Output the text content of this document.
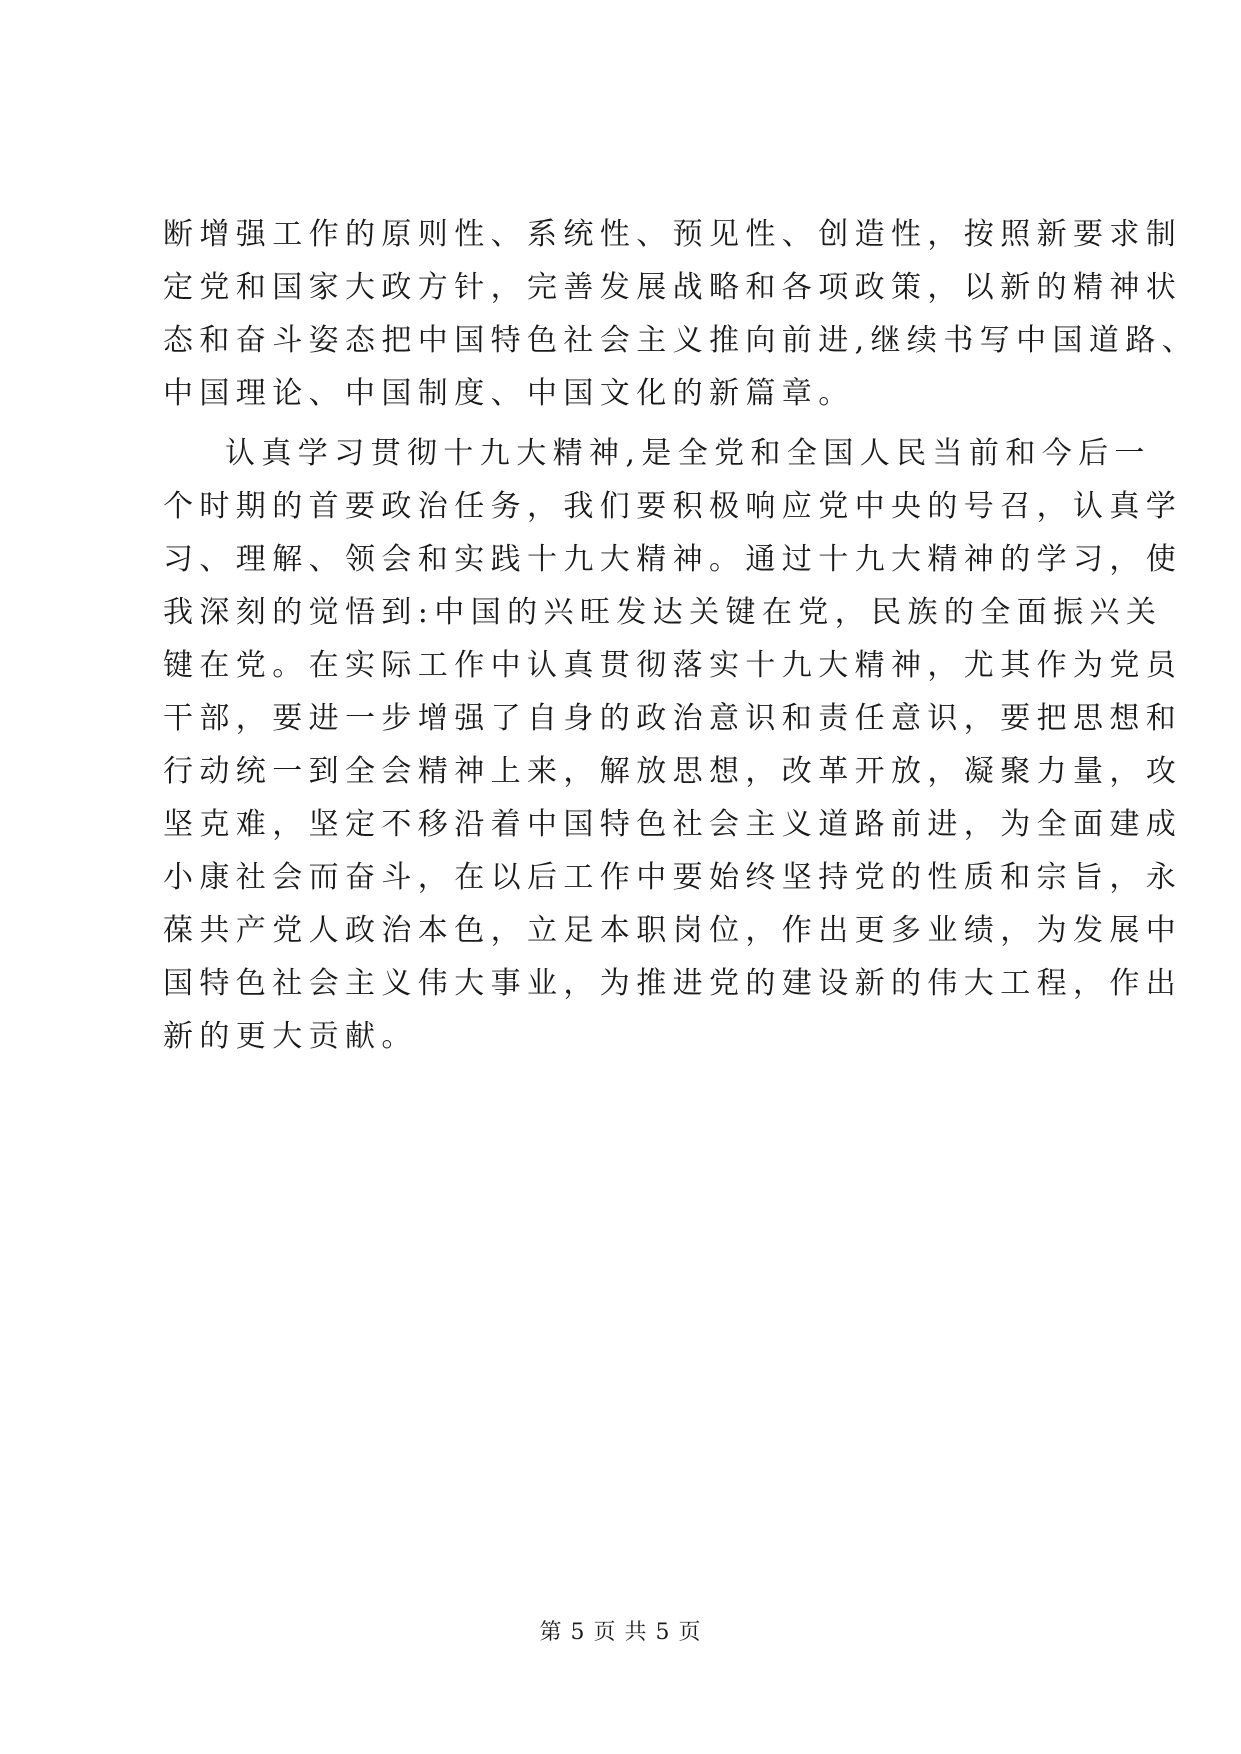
断增强工作的原则性、系统性、预见性、创造性，按照新要求制
定党和国家大政方针，完善发展战略和各项政策，以新的精神状
态和奋斗姿态把中国特色社会主义推向前进,继续书写中国道路、
中国理论、中国制度、中国文化的新篇章。
认真学习贯彻十九大精神,是全党和全国人民当前和今后一
个时期的首要政治任务，我们要积极响应党中央的号召，认真学
习、理解、领会和实践十九大精神。通过十九大精神的学习，使
我深刻的觉悟到:中国的兴旺发达关键在党，民族的全面振兴关
键在党。在实际工作中认真贯彻落实十九大精神，尤其作为党员
干部，要进一步增强了自身的政治意识和责任意识，要把思想和
行动统一到全会精神上来，解放思想，改革开放，凝聚力量，攻
坚克难，坚定不移沿着中国特色社会主义道路前进，为全面建成
小康社会而奋斗，在以后工作中要始终坚持党的性质和宗旨，永
葆共产党人政治本色，立足本职岗位，作出更多业绩，为发展中
国特色社会主义伟大事业，为推进党的建设新的伟大工程，作出
新的更大贡献。
第 5 页 共 5 页
